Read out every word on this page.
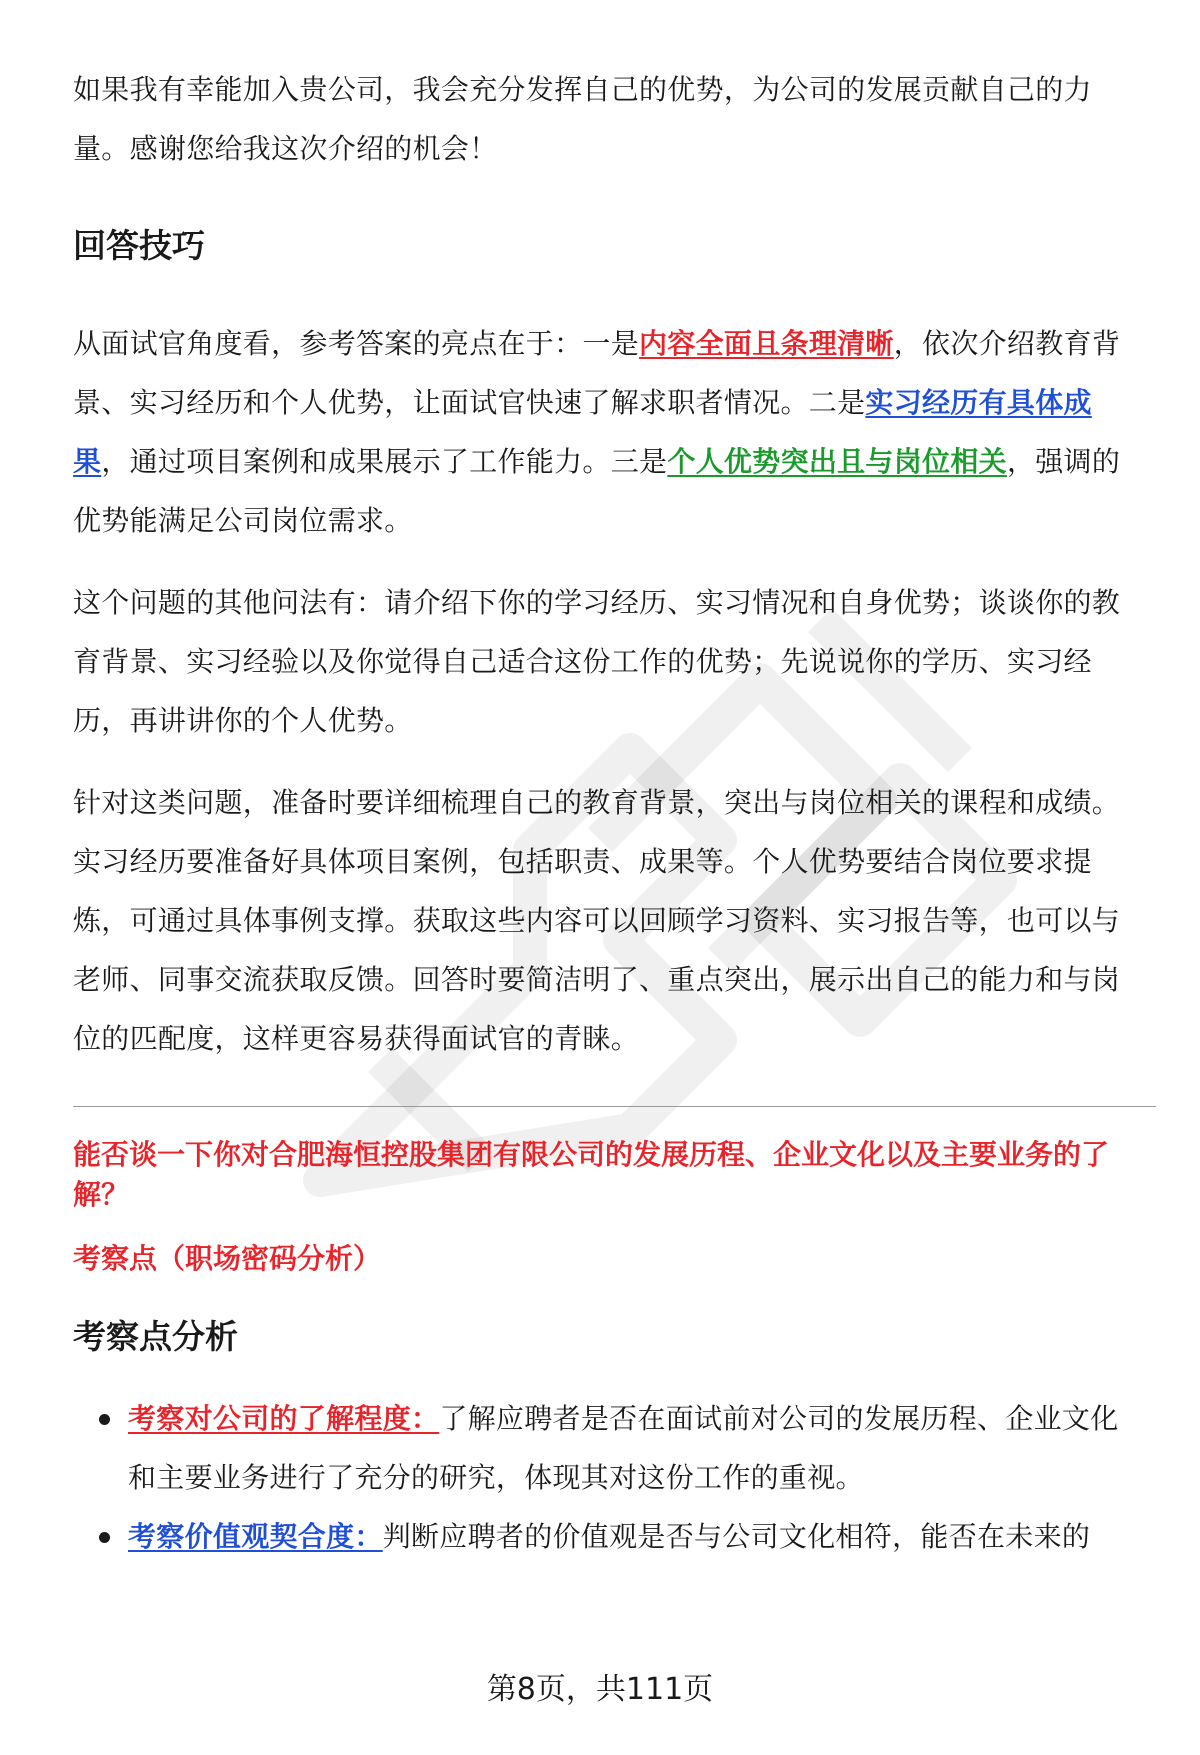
如果我有幸能加入贵公司，我会充分发挥自己的优势，为公司的发展贡献自己的力量。感谢您给我这次介绍的机会！

回答技巧

从面试官角度看，参考答案的亮点在于：一是内容全面且条理清晰，依次介绍教育背景、实习经历和个人优势，让面试官快速了解求职者情况。二是实习经历有具体成果，通过项目案例和成果展示了工作能力。三是个人优势突出且与岗位相关，强调的优势能满足公司岗位需求。

这个问题的其他问法有：请介绍下你的学习经历、实习情况和自身优势；谈谈你的教育背景、实习经验以及你觉得自己适合这份工作的优势；先说说你的学历、实习经历，再讲讲你的个人优势。

针对这类问题，准备时要详细梳理自己的教育背景，突出与岗位相关的课程和成绩。实习经历要准备好具体项目案例，包括职责、成果等。个人优势要结合岗位要求提炼，可通过具体事例支撑。获取这些内容可以回顾学习资料、实习报告等，也可以与老师、同事交流获取反馈。回答时要简洁明了、重点突出，展示出自己的能力和与岗位的匹配度，这样更容易获得面试官的青睐。

能否谈一下你对合肥海恒控股集团有限公司的发展历程、企业文化以及主要业务的了解？

考察点（职场密码分析）

考察点分析
考察对公司的了解程度：了解应聘者是否在面试前对公司的发展历程、企业文化和主要业务进行了充分的研究，体现其对这份工作的重视。
考察价值观契合度：判断应聘者的价值观是否与公司文化相符，能否在未来的
第8页，共111页
